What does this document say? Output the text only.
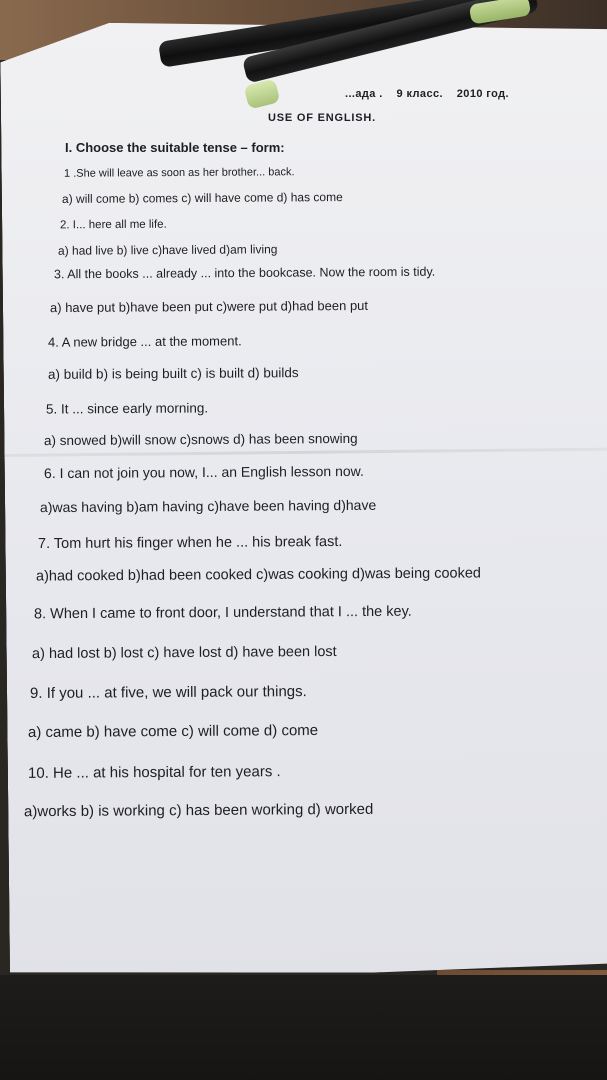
...ада . 9 класс. 2010 год.
USE OF ENGLISH.
I. Choose the suitable tense – form:
1 .She will leave as soon as her brother... back.
a) will come b) comes c) will have come d) has come
2. I... here all me life.
a) had live b) live c)have lived d)am living
3. All the books ... already ... into the bookcase. Now the room is tidy.
a) have put b)have been put c)were put d)had been put
4. A new bridge ... at the moment.
a) build b) is being built c) is built d) builds
5. It ... since early morning.
a) snowed b)will snow c)snows d) has been snowing
6. I can not join you now, I... an English lesson now.
a)was having b)am having c)have been having d)have
7. Tom hurt his finger when he ... his break fast.
a)had cooked b)had been cooked c)was cooking d)was being cooked
8. When I came to front door, I understand that I ... the key.
a) had lost b) lost c) have lost d) have been lost
9. If you ... at five, we will pack our things.
a) came b) have come c) will come d) come
10. He ... at his hospital for ten years .
a)works b) is working c) has been working d) worked
